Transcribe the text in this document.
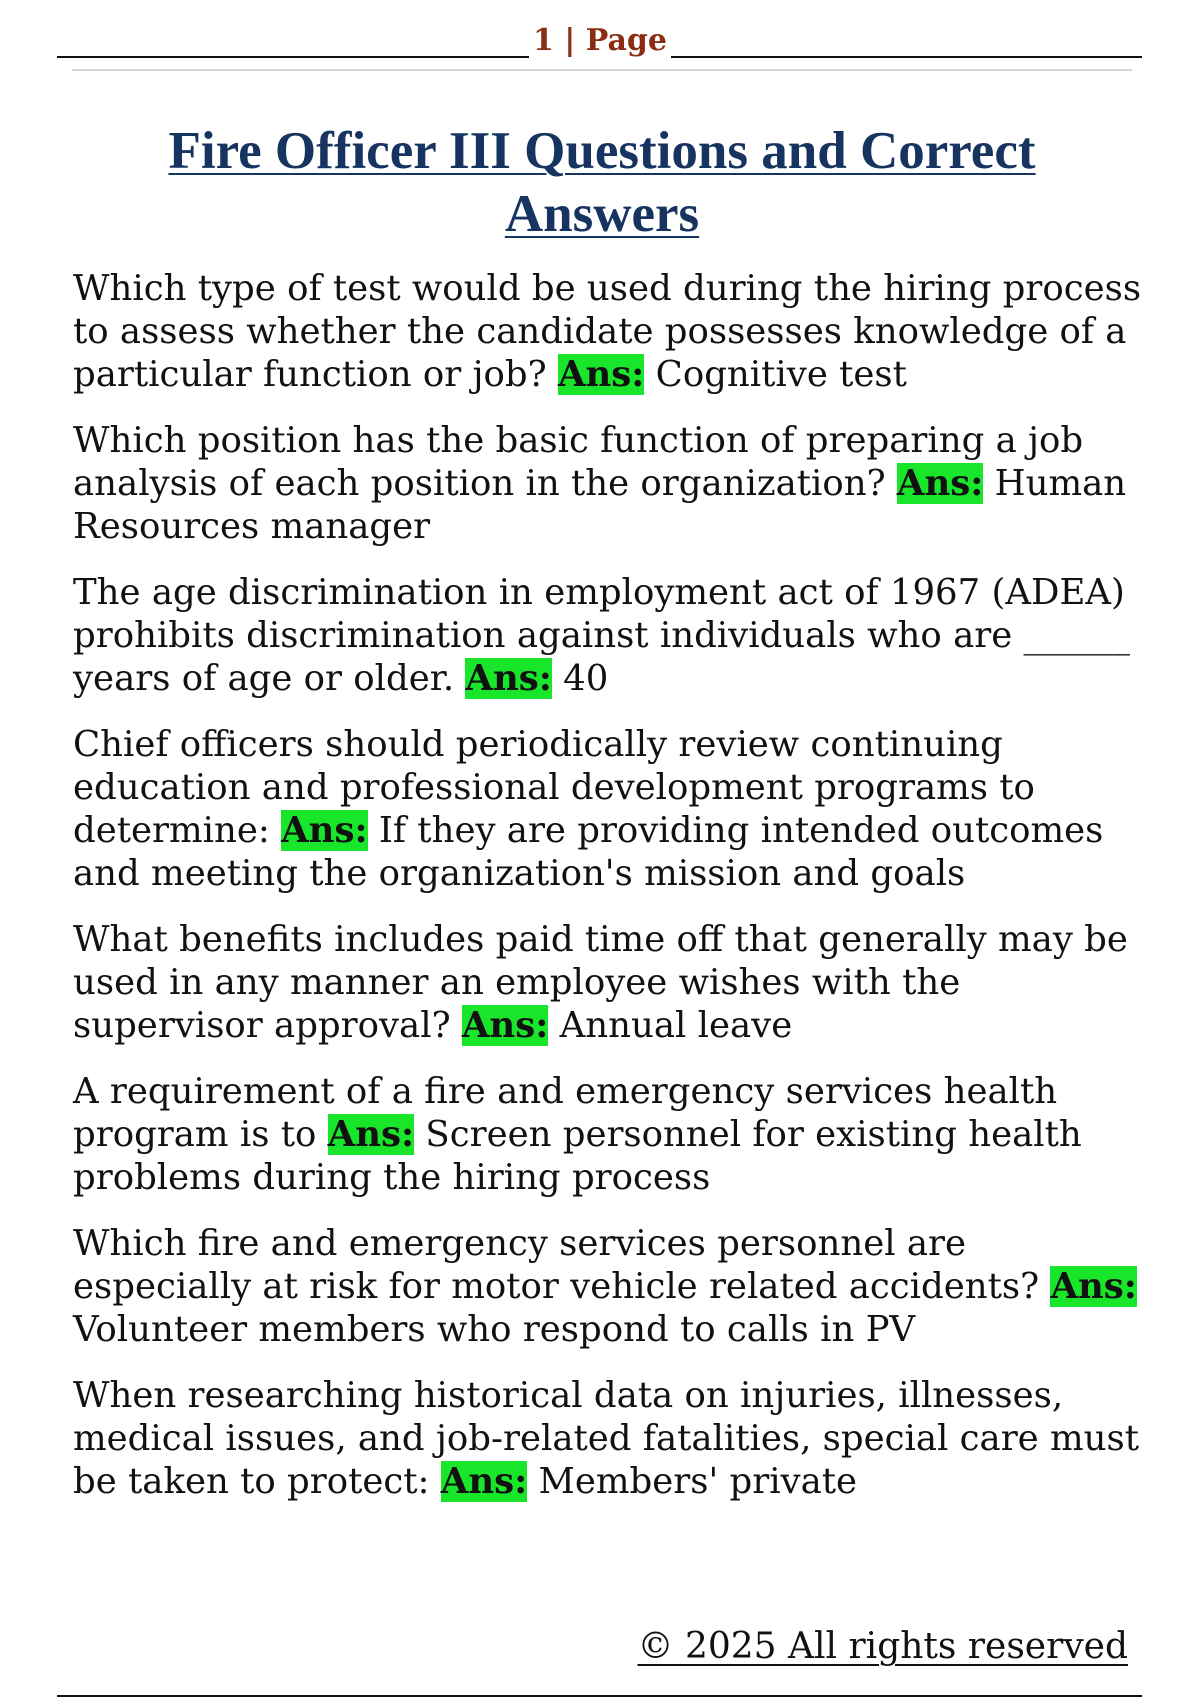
1 | Page
Fire Officer III Questions and Correct Answers

Which type of test would be used during the hiring process to assess whether the candidate possesses knowledge of a particular function or job? Ans: Cognitive test

Which position has the basic function of preparing a job analysis of each position in the organization? Ans: Human Resources manager

The age discrimination in employment act of 1967 (ADEA) prohibits discrimination against individuals who are ______ years of age or older. Ans: 40

Chief officers should periodically review continuing education and professional development programs to determine: Ans: If they are providing intended outcomes and meeting the organization's mission and goals

What benefits includes paid time off that generally may be used in any manner an employee wishes with the supervisor approval? Ans: Annual leave

A requirement of a fire and emergency services health program is to Ans: Screen personnel for existing health problems during the hiring process

Which fire and emergency services personnel are especially at risk for motor vehicle related accidents? Ans: Volunteer members who respond to calls in PV

When researching historical data on injuries, illnesses, medical issues, and job-related fatalities, special care must be taken to protect: Ans: Members' private

© 2025 All rights reserved
